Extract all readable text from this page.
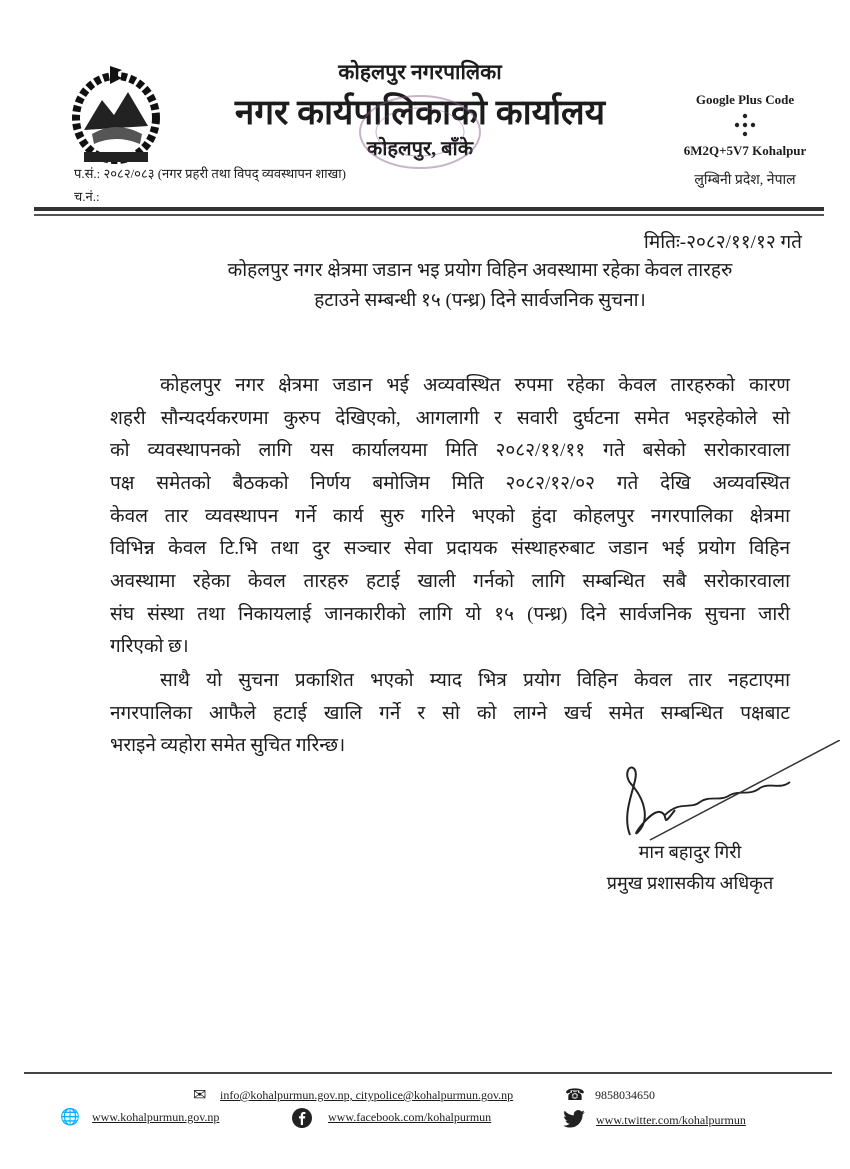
कोहलपुर नगरपालिका
नगर कार्यपालिकाको कार्यालय
कोहलपुर, बाँके
Google Plus Code
6M2Q+5V7 Kohalpur
लुम्बिनी प्रदेश, नेपाल
प.सं.: २०८२/०८३ (नगर प्रहरी तथा विपद् व्यवस्थापन शाखा)
च.नं.:
मितिः-२०८२/११/१२ गते
कोहलपुर नगर क्षेत्रमा जडान भइ प्रयोग विहिन अवस्थामा रहेका केवल तारहरु
हटाउने सम्बन्धी १५ (पन्ध्र) दिने सार्वजनिक सुचना।
कोहलपुर नगर क्षेत्रमा जडान भई अव्यवस्थित रुपमा रहेका केवल तारहरुको कारण
शहरी सौन्यदर्यकरणमा कुरुप देखिएको, आगलागी र सवारी दुर्घटना समेत भइरहेकोले सो
को व्यवस्थापनको लागि यस कार्यालयमा मिति २०८२/११/११ गते बसेको सरोकारवाला
पक्ष समेतको बैठकको निर्णय बमोजिम मिति २०८२/१२/०२ गते देखि अव्यवस्थित
केवल तार व्यवस्थापन गर्ने कार्य सुरु गरिने भएको हुंदा कोहलपुर नगरपालिका क्षेत्रमा
विभिन्न केवल टि.भि तथा दुर सञ्चार सेवा प्रदायक संस्थाहरुबाट जडान भई प्रयोग विहिन
अवस्थामा रहेका केवल तारहरु हटाई खाली गर्नको लागि सम्बन्धित सबै सरोकारवाला
संघ संस्था तथा निकायलाई जानकारीको लागि यो १५ (पन्ध्र) दिने सार्वजनिक सुचना जारी
गरिएको छ।
साथै यो सुचना प्रकाशित भएको म्याद भित्र प्रयोग विहिन केवल तार नहटाएमा
नगरपालिका आफैले हटाई खालि गर्ने र सो को लाग्ने खर्च समेत सम्बन्धित पक्षबाट
भराइने व्यहोरा समेत सुचित गरिन्छ।
मान बहादुर गिरी
प्रमुख प्रशासकीय अधिकृत
✉ info@kohalpurmun.gov.np, citypolice@kohalpurmun.gov.np	☎ 9858034650
🌐 www.kohalpurmun.gov.np	www.facebook.com/kohalpurmun	www.twitter.com/kohalpurmun
